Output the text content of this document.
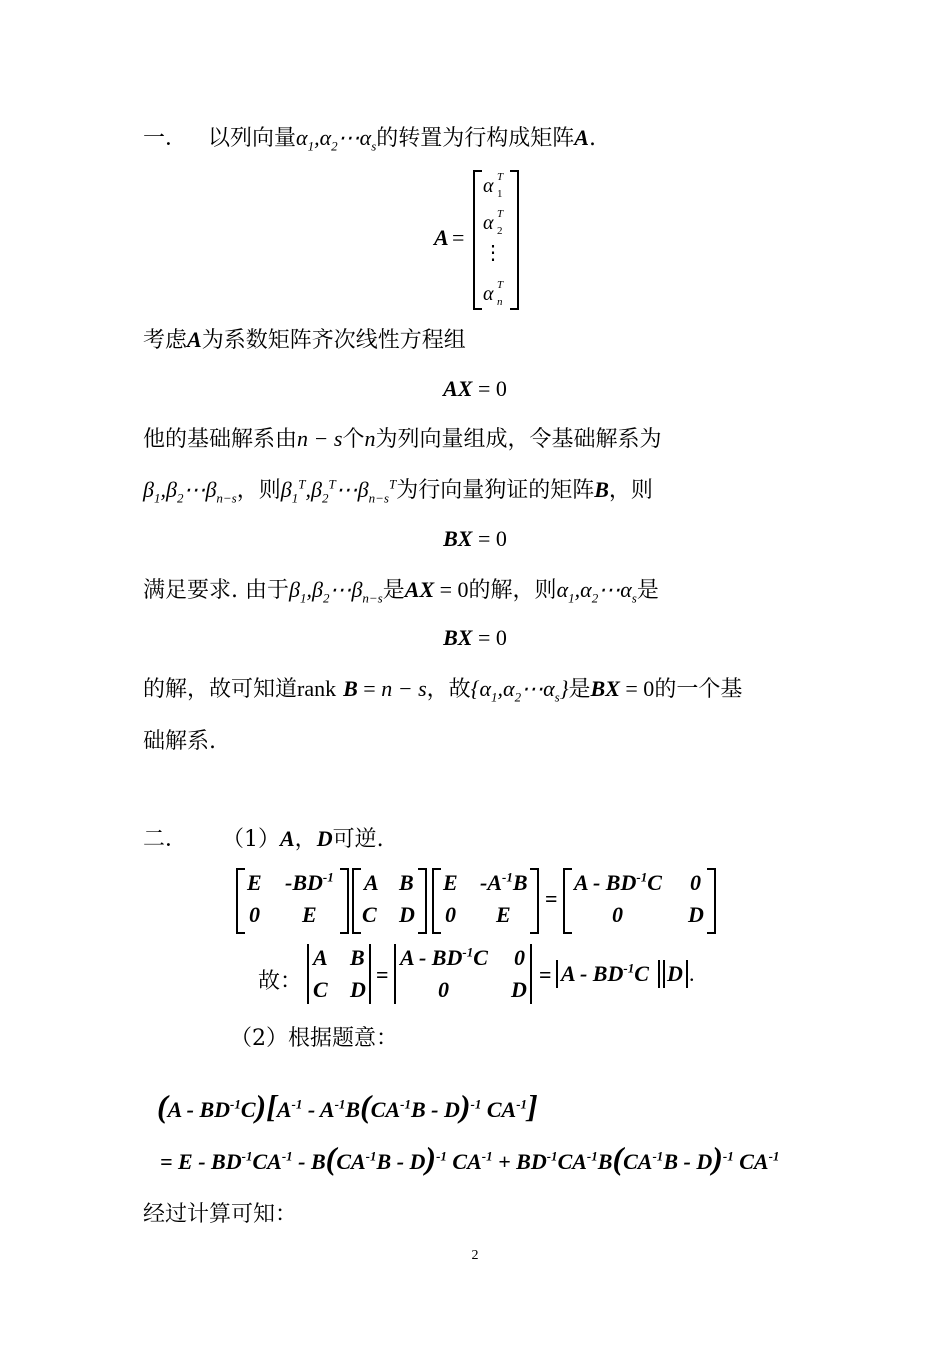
一． 以列向量$\alpha_1,\alpha_2\cdots\alpha_s$的转置为行构成矩阵A.
A =
α T
1
α T
2
⋮
α T
n
考虑A为系数矩阵齐次线性方程组
AX = 0
他的基础解系由n − s个n为列向量组成，令基础解系为
$\beta_1,\beta_2\cdots\beta_{n-s}$，则$\beta_1^T,\beta_2^T\cdots\beta_{n-s}^T$为行向量狗证的矩阵B，则
BX = 0
满足要求. 由于$\beta_1,\beta_2\cdots\beta_{n-s}$是AX = 0的解，则$\alpha_1,\alpha_2\cdots\alpha_s$是
BX = 0
的解，故可知道rank B = n − s，故$\{\alpha_1,\alpha_2\cdots\alpha_s\}$是BX = 0的一个基
础解系.
二． （1）A，D可逆.
E $-BD^{-1}$
0 E
A B
C D
E $-A^{-1}B$
0 E
=
A - $BD^{-1}C$ 0
0	D
故：
A B
C D
=
A - $BD^{-1}C$ 0
0	D
= A - $BD^{-1}C$ D .
（2）根据题意：
$(A - BD^{-1}C)[A^{-1} - A^{-1}B(CA^{-1}B - D)^{-1}$ $CA^{-1}$]
= E - $BD^{-1}CA^{-1} - B(CA^{-1}B - D)^{-1}$ $CA^{-1} + BD^{-1}CA^{-1}B(CA^{-1}B - D)^{-1}$ $CA^{-1}$
经过计算可知：
2
